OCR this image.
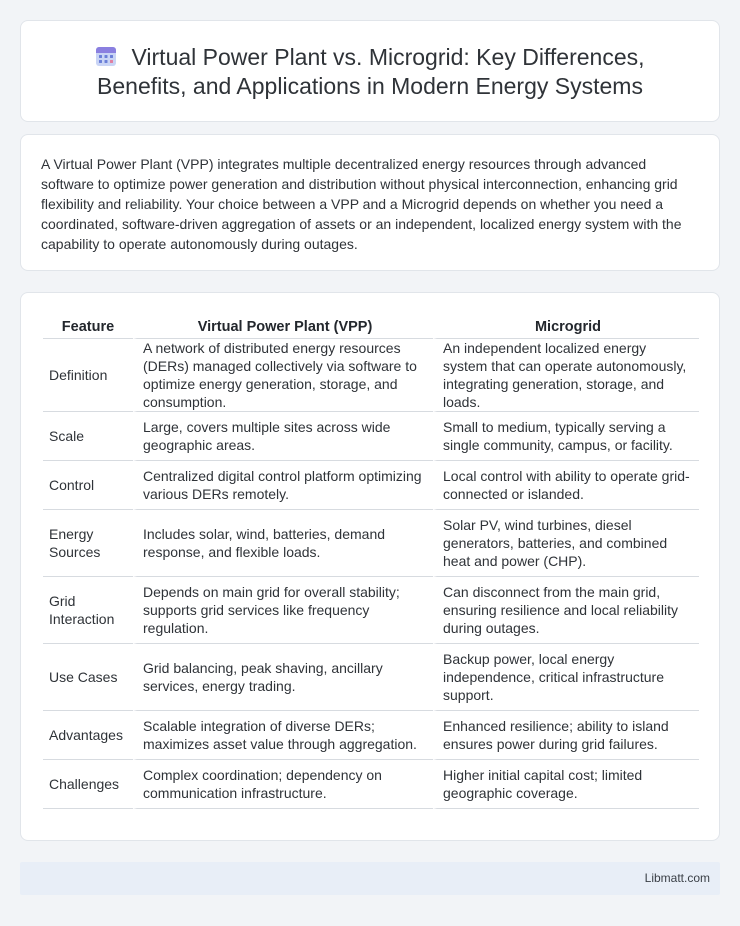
Virtual Power Plant vs. Microgrid: Key Differences,
Benefits, and Applications in Modern Energy Systems

A Virtual Power Plant (VPP) integrates multiple decentralized energy resources through advanced software to optimize power generation and distribution without physical interconnection, enhancing grid flexibility and reliability. Your choice between a VPP and a Microgrid depends on whether you need a coordinated, software-driven aggregation of assets or an independent, localized energy system with the capability to operate autonomously during outages.

Feature	Virtual Power Plant (VPP)	Microgrid
Definition	A network of distributed energy resources (DERs) managed collectively via software to optimize energy generation, storage, and consumption.	An independent localized energy system that can operate autonomously, integrating generation, storage, and loads.
Scale	Large, covers multiple sites across wide geographic areas.	Small to medium, typically serving a single community, campus, or facility.
Control	Centralized digital control platform optimizing various DERs remotely.	Local control with ability to operate grid-connected or islanded.
Energy Sources	Includes solar, wind, batteries, demand response, and flexible loads.	Solar PV, wind turbines, diesel generators, batteries, and combined heat and power (CHP).
Grid Interaction	Depends on main grid for overall stability; supports grid services like frequency regulation.	Can disconnect from the main grid, ensuring resilience and local reliability during outages.
Use Cases	Grid balancing, peak shaving, ancillary services, energy trading.	Backup power, local energy independence, critical infrastructure support.
Advantages	Scalable integration of diverse DERs; maximizes asset value through aggregation.	Enhanced resilience; ability to island ensures power during grid failures.
Challenges	Complex coordination; dependency on communication infrastructure.	Higher initial capital cost; limited geographic coverage.
Libmatt.com
